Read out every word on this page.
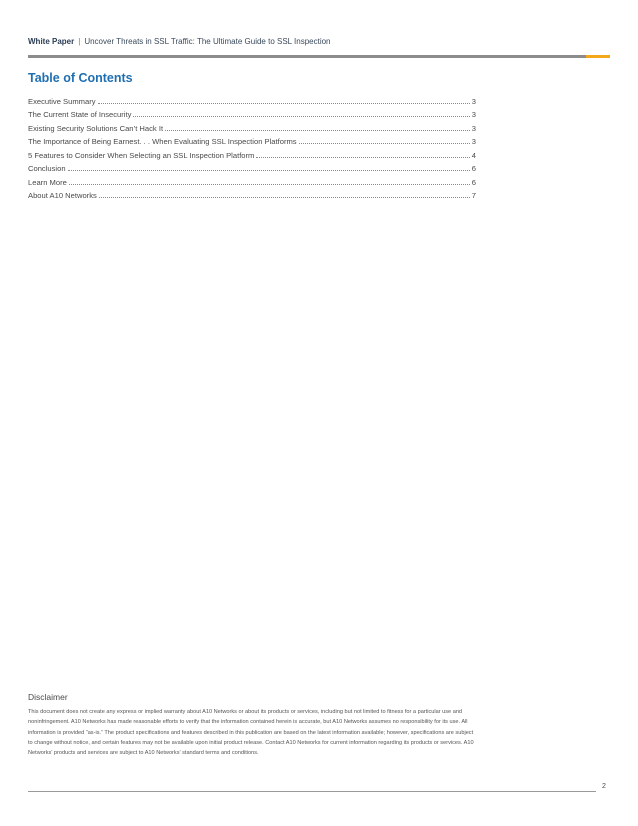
White Paper | Uncover Threats in SSL Traffic: The Ultimate Guide to SSL Inspection
Table of Contents
Executive Summary	3
The Current State of Insecurity	3
Existing Security Solutions Can’t Hack It	3
The Importance of Being Earnest. . . When Evaluating SSL Inspection Platforms	3
5 Features to Consider When Selecting an SSL Inspection Platform	4
Conclusion	6
Learn More	6
About A10 Networks	7
Disclaimer
This document does not create any express or implied warranty about A10 Networks or about its products or services, including but not limited to fitness for a particular use and noninfringement. A10 Networks has made reasonable efforts to verify that the information contained herein is accurate, but A10 Networks assumes no responsibility for its use. All information is provided “as-is.” The product specifications and features described in this publication are based on the latest information available; however, specifications are subject to change without notice, and certain features may not be available upon initial product release. Contact A10 Networks for current information regarding its products or services. A10 Networks’ products and services are subject to A10 Networks’ standard terms and conditions.
2
